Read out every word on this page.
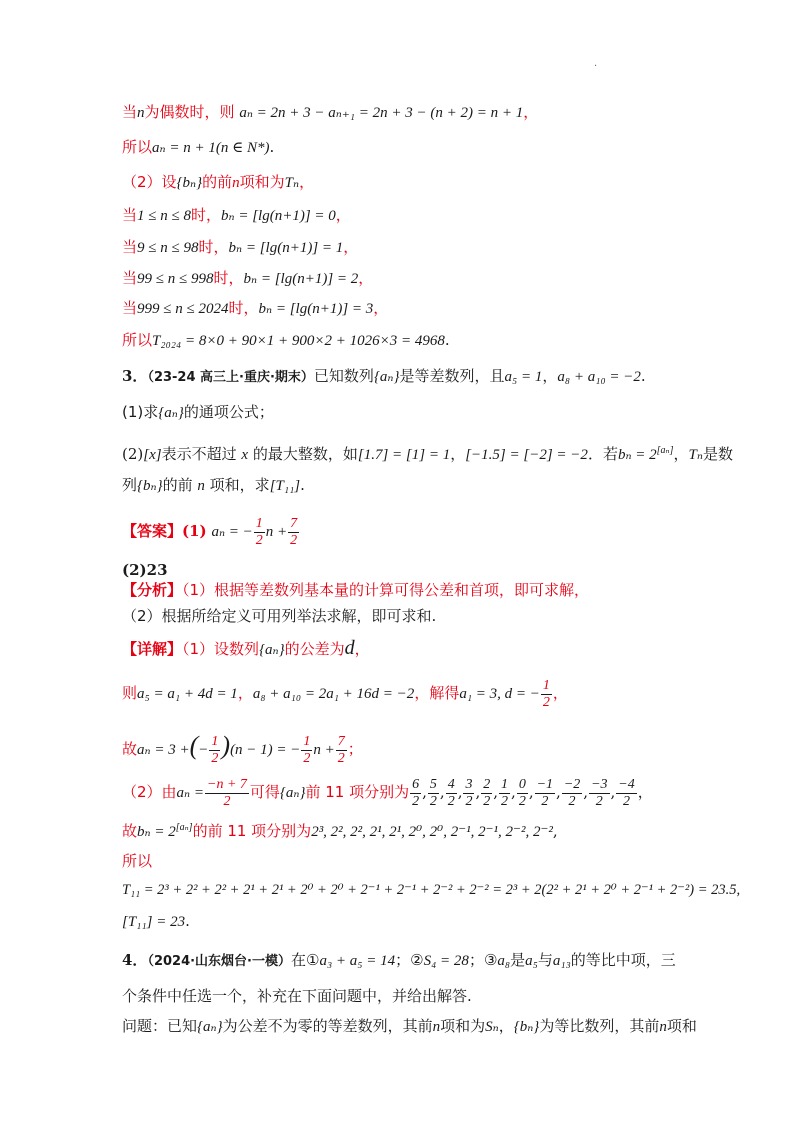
.
当n为偶数时，则 aₙ = 2n + 3 − aₙ₊₁ = 2n + 3 − (n + 2) = n + 1，
所以aₙ = n + 1(n ∈ N*).
（2）设{bₙ}的前n项和为Tₙ，
当1 ≤ n ≤ 8时，bₙ = [lg(n+1)] = 0，
当9 ≤ n ≤ 98时，bₙ = [lg(n+1)] = 1，
当99 ≤ n ≤ 998时，bₙ = [lg(n+1)] = 2，
当999 ≤ n ≤ 2024时，bₙ = [lg(n+1)] = 3，
所以T₂₀₂₄ = 8×0 + 90×1 + 900×2 + 1026×3 = 4968.
3．（23-24 高三上·重庆·期末）已知数列{aₙ}是等差数列，且a₅ = 1，a₈ + a₁₀ = −2.
(1)求{aₙ}的通项公式；
(2)[x]表示不超过 x 的最大整数，如[1.7] = [1] = 1，[−1.5] = [−2] = −2．若bₙ = 2[aₙ]，Tₙ是数
列{bₙ}的前 n 项和，求[T₁₁].
【答案】(1) aₙ = − $\frac{1}{2}$ $n + \frac{7}{2}$
(2)23
【分析】（1）根据等差数列基本量的计算可得公差和首项，即可求解，
（2）根据所给定义可用列举法求解，即可求和.
【详解】（1）设数列{aₙ}的公差为d，
则a₅ = a₁ + 4d = 1，a₈ + a₁₀ = 2a₁ + 16d = −2，解得a₁ = 3, d = − $\frac{1}{2}$ ，
故aₙ = 3 +(− $\frac{1}{2} )(n - 1)$ = − $\frac{1}{2}$ $n + \frac{7}{2}$ ；
（2）由$a_n = \frac{-n + 7}{2}$ 可得{aₙ}前 11 项分别为 $\frac{6}{2}$ , $\frac{5}{2}$ , $\frac{4}{2}$ , $\frac{3}{2}$ , $\frac{2}{2}$ , $\frac{1}{2}$ , $\frac{0}{2}$ , $\frac{-1}{2}$ , $\frac{-2}{2}$ , $\frac{-3}{2}$ , $\frac{-4}{2}$ ，
故bₙ = 2[aₙ]的前 11 项分别为2³, 2², 2², 2¹, 2¹, 2⁰, 2⁰, 2⁻¹, 2⁻¹, 2⁻², 2⁻²,
所以
T₁₁ = 2³ + 2² + 2² + 2¹ + 2¹ + 2⁰ + 2⁰ + 2⁻¹ + 2⁻¹ + 2⁻² + 2⁻² = 2³ + 2(2² + 2¹ + 2⁰ + 2⁻¹ + 2⁻²) = 23.5,
[T₁₁] = 23.
4．（2024·山东烟台·一模）在①a₃ + a₅ = 14；②S₄ = 28；③a₈是a₅与a₁₃的等比中项，三
个条件中任选一个，补充在下面问题中，并给出解答.
问题：已知{aₙ}为公差不为零的等差数列，其前n项和为Sₙ，{bₙ}为等比数列，其前n项和
